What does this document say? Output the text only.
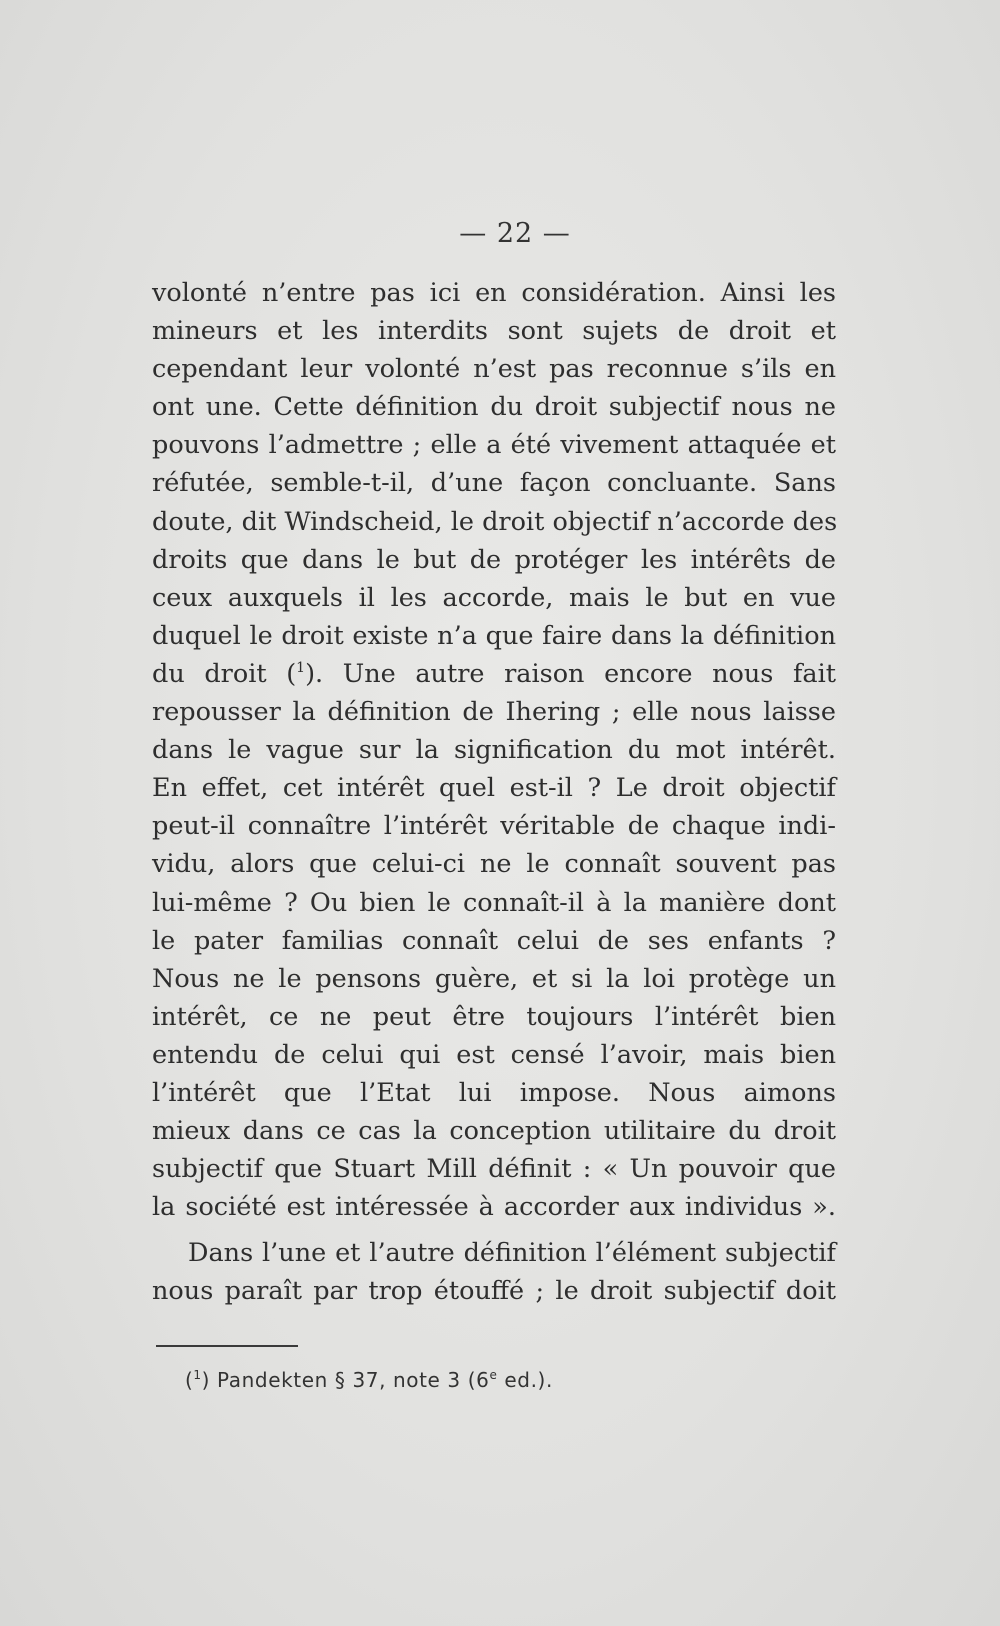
— 22 —
volonté n’entre pas ici en considération. Ainsi les
mineurs et les interdits sont sujets de droit et
cependant leur volonté n’est pas reconnue s’ils en
ont une. Cette définition du droit subjectif nous ne
pouvons l’admettre ; elle a été vivement attaquée et
réfutée, semble-t-il, d’une façon concluante. Sans
doute, dit Windscheid, le droit objectif n’accorde des
droits que dans le but de protéger les intérêts de
ceux auxquels il les accorde, mais le but en vue
duquel le droit existe n’a que faire dans la définition
du droit ($^1$). Une autre raison encore nous fait
repousser la définition de Ihering ; elle nous laisse
dans le vague sur la signification du mot intérêt.
En effet, cet intérêt quel est-il ? Le droit objectif
peut-il connaître l’intérêt véritable de chaque indi-
vidu, alors que celui-ci ne le connaît souvent pas
lui-même ? Ou bien le connaît-il à la manière dont
le pater familias connaît celui de ses enfants ?
Nous ne le pensons guère, et si la loi protège un
intérêt, ce ne peut être toujours l’intérêt bien
entendu de celui qui est censé l’avoir, mais bien
l’intérêt que l’Etat lui impose. Nous aimons
mieux dans ce cas la conception utilitaire du droit
subjectif que Stuart Mill définit : « Un pouvoir que
la société est intéressée à accorder aux individus ».
Dans l’une et l’autre définition l’élément subjectif
nous paraît par trop étouffé ; le droit subjectif doit
($^1$) Pandekten § 37, note 3 (6e ed.).
